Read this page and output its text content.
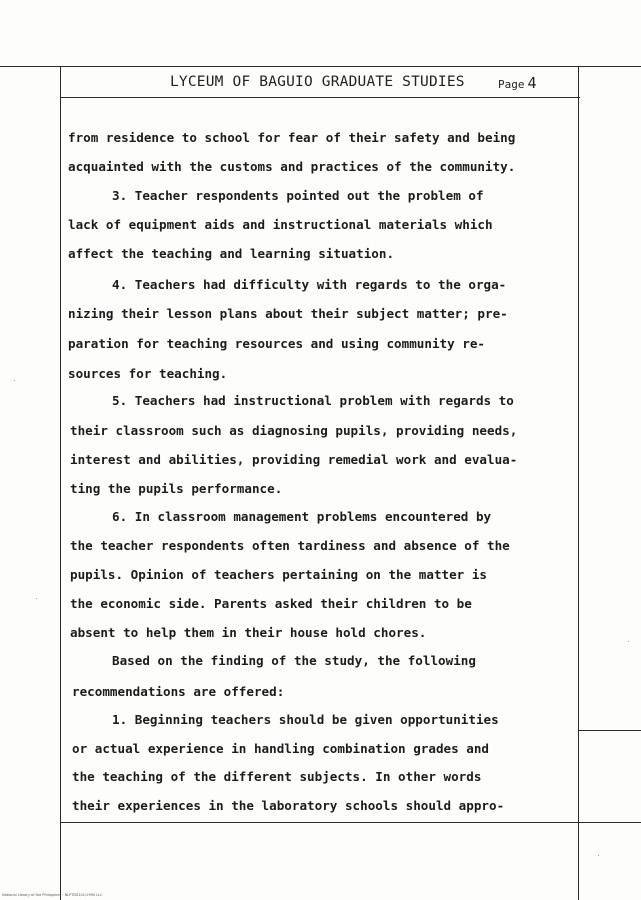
LYCEUM OF BAGUIO GRADUATE STUDIES	Page 4
from residence to school for fear of their safety and being
acquainted with the customs and practices of the community.
3. Teacher respondents pointed out the problem of
lack of equipment aids and instructional materials which
affect the teaching and learning situation.
4. Teachers had difficulty with regards to the orga-
nizing their lesson plans about their subject matter; pre-
paration for teaching resources and using community re-
sources for teaching.
5. Teachers had instructional problem with regards to
their classroom such as diagnosing pupils, providing needs,
interest and abilities, providing remedial work and evalua-
ting the pupils performance.
6. In classroom management problems encountered by
the teacher respondents often tardiness and absence of the
pupils. Opinion of teachers pertaining on the matter is
the economic side. Parents asked their children to be
absent to help them in their house hold chores.
Based on the finding of the study, the following
recommendations are offered:
1. Beginning teachers should be given opportunities
or actual experience in handling combination grades and
the teaching of the different subjects. In other words
their experiences in the laboratory schools should appro-
National Library of the Philippines · NLPTD0101/1990 LLC
